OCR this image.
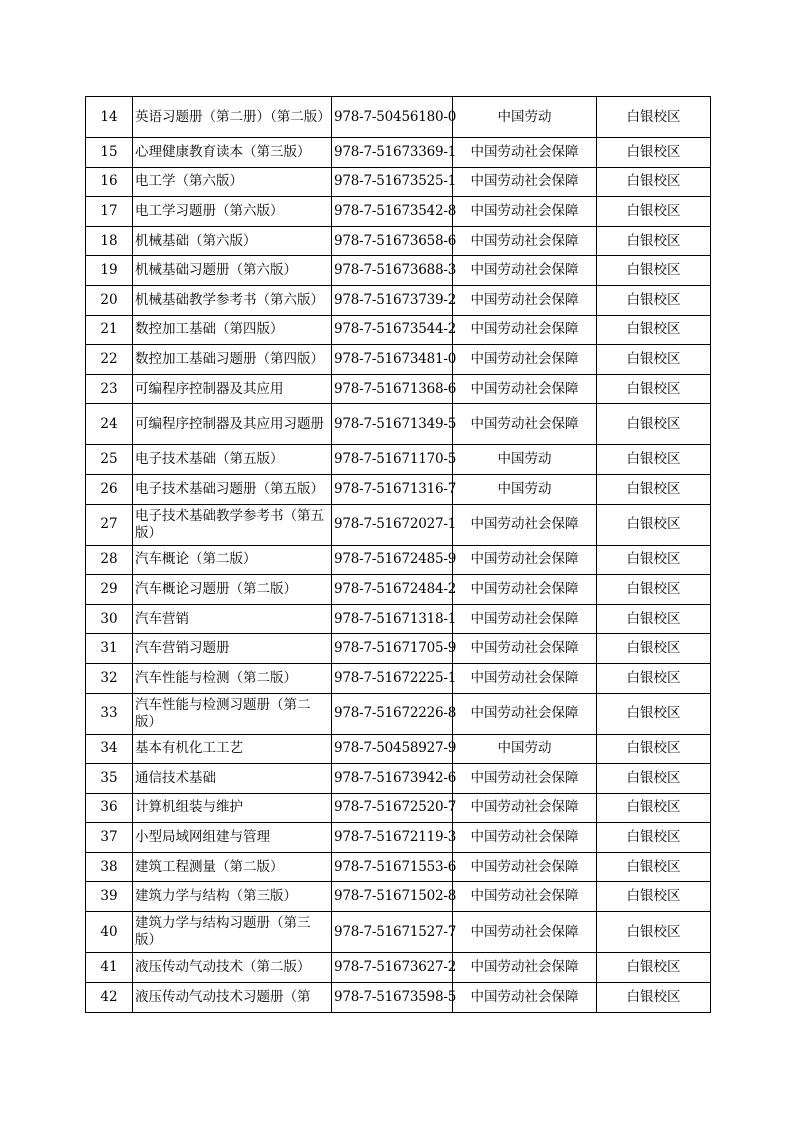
14	英语习题册（第二册）（第二版）	978-7-50456180-0	中国劳动	白银校区
15	心理健康教育读本（第三版）	978-7-51673369-1	中国劳动社会保障	白银校区
16	电工学（第六版）	978-7-51673525-1	中国劳动社会保障	白银校区
17	电工学习题册（第六版）	978-7-51673542-8	中国劳动社会保障	白银校区
18	机械基础（第六版）	978-7-51673658-6	中国劳动社会保障	白银校区
19	机械基础习题册（第六版）	978-7-51673688-3	中国劳动社会保障	白银校区
20	机械基础教学参考书（第六版）	978-7-51673739-2	中国劳动社会保障	白银校区
21	数控加工基础（第四版）	978-7-51673544-2	中国劳动社会保障	白银校区
22	数控加工基础习题册（第四版）	978-7-51673481-0	中国劳动社会保障	白银校区
23	可编程序控制器及其应用	978-7-51671368-6	中国劳动社会保障	白银校区
24	可编程序控制器及其应用习题册	978-7-51671349-5	中国劳动社会保障	白银校区
25	电子技术基础（第五版）	978-7-51671170-5	中国劳动	白银校区
26	电子技术基础习题册（第五版）	978-7-51671316-7	中国劳动	白银校区
27	电子技术基础教学参考书（第五版）	978-7-51672027-1	中国劳动社会保障	白银校区
28	汽车概论（第二版）	978-7-51672485-9	中国劳动社会保障	白银校区
29	汽车概论习题册（第二版）	978-7-51672484-2	中国劳动社会保障	白银校区
30	汽车营销	978-7-51671318-1	中国劳动社会保障	白银校区
31	汽车营销习题册	978-7-51671705-9	中国劳动社会保障	白银校区
32	汽车性能与检测（第二版）	978-7-51672225-1	中国劳动社会保障	白银校区
33	汽车性能与检测习题册（第二版）	978-7-51672226-8	中国劳动社会保障	白银校区
34	基本有机化工工艺	978-7-50458927-9	中国劳动	白银校区
35	通信技术基础	978-7-51673942-6	中国劳动社会保障	白银校区
36	计算机组装与维护	978-7-51672520-7	中国劳动社会保障	白银校区
37	小型局域网组建与管理	978-7-51672119-3	中国劳动社会保障	白银校区
38	建筑工程测量（第二版）	978-7-51671553-6	中国劳动社会保障	白银校区
39	建筑力学与结构（第三版）	978-7-51671502-8	中国劳动社会保障	白银校区
40	建筑力学与结构习题册（第三版）	978-7-51671527-7	中国劳动社会保障	白银校区
41	液压传动气动技术（第二版）	978-7-51673627-2	中国劳动社会保障	白银校区
42	液压传动气动技术习题册（第	978-7-51673598-5	中国劳动社会保障	白银校区
